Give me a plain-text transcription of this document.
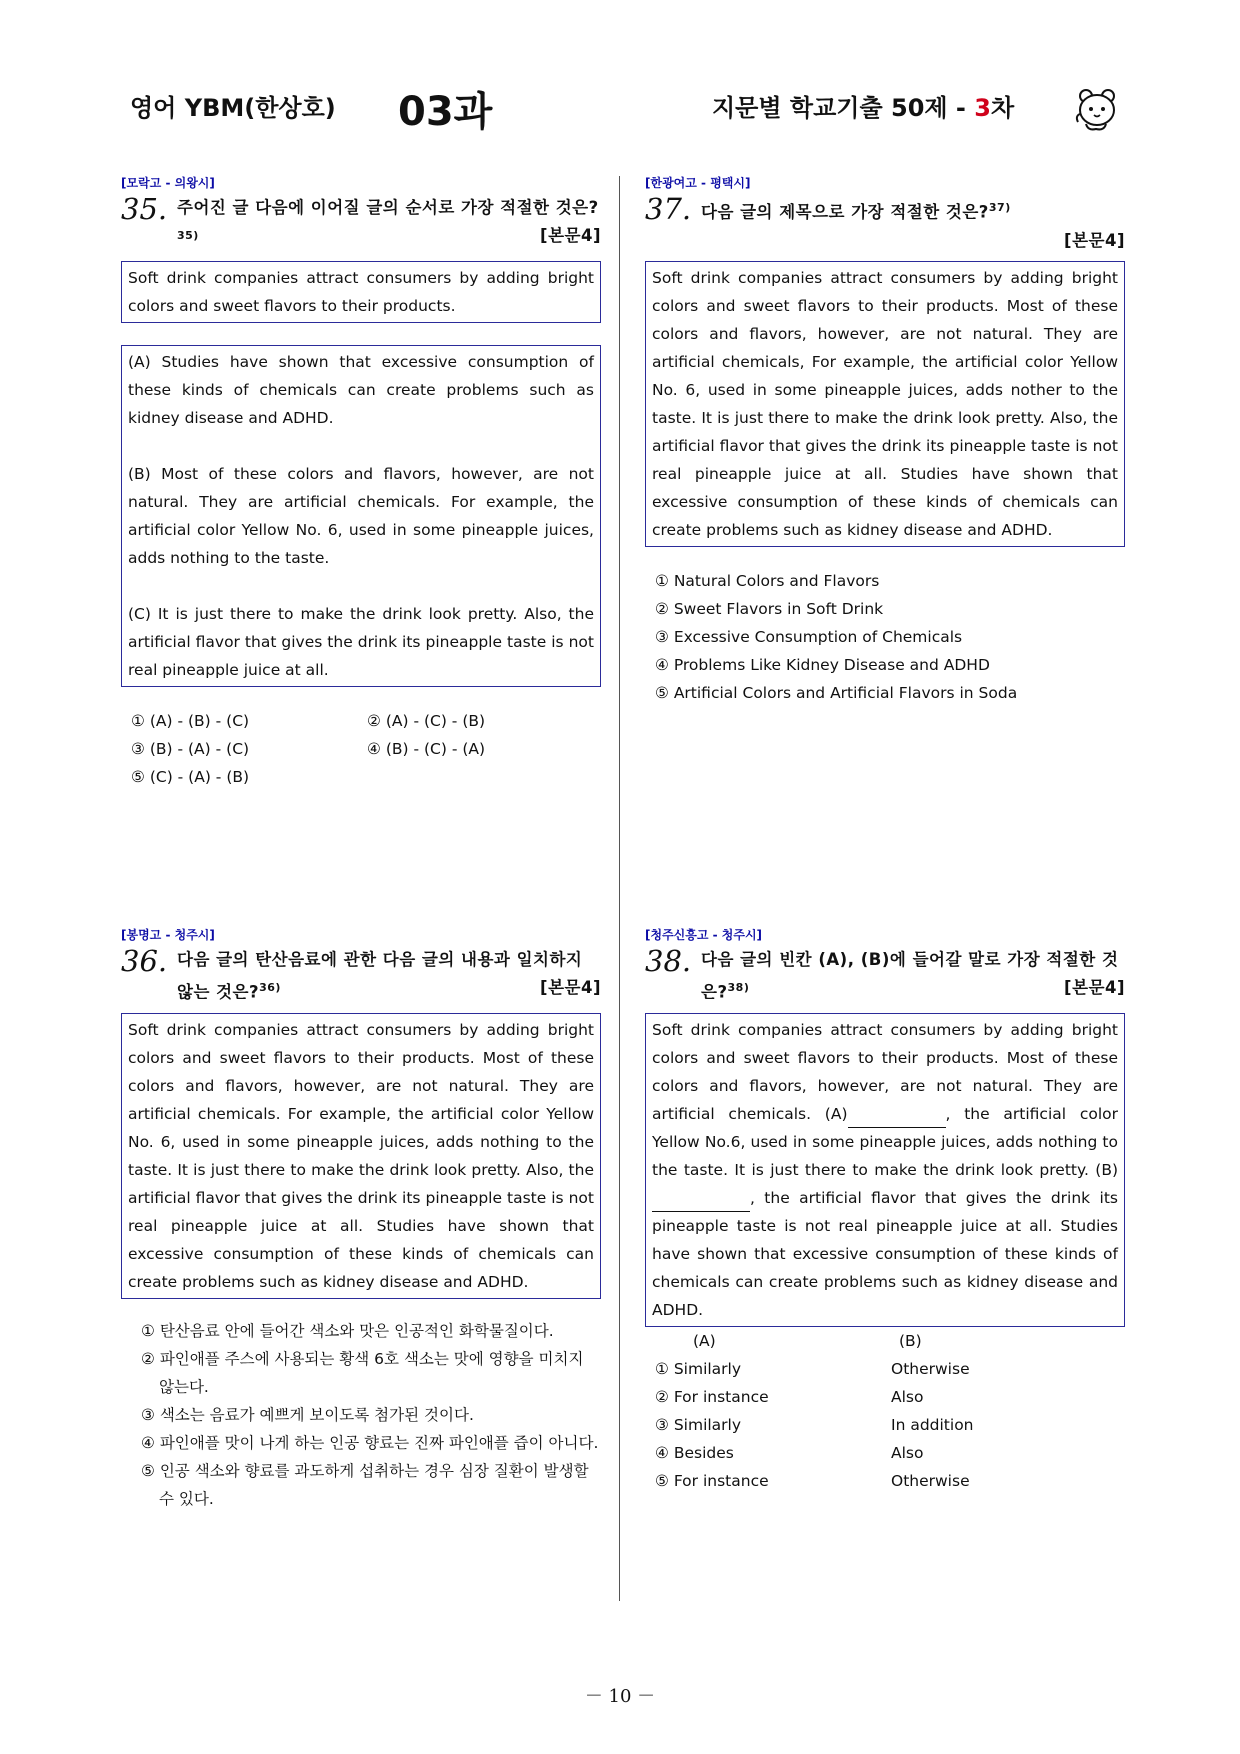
영어 YBM(한상호) 03과	지문별 학교기출 50제 - 3차
[모락고 - 의왕시]
35. 주어진 글 다음에 이어질 글의 순서로 가장 적절한 것은?$^{35)}$	[본문4]

Soft drink companies attract consumers by adding bright colors and sweet flavors to their products.

(A) Studies have shown that excessive consumption of these kinds of chemicals can create problems such as kidney disease and ADHD.

(B) Most of these colors and flavors, however, are not natural. They are artificial chemicals. For example, the artificial color Yellow No. 6, used in some pineapple juices, adds nothing to the taste.

(C) It is just there to make the drink look pretty. Also, the artificial flavor that gives the drink its pineapple taste is not real pineapple juice at all.

① (A) - (B) - (C)	② (A) - (C) - (B)
③ (B) - (A) - (C)	④ (B) - (C) - (A)
⑤ (C) - (A) - (B)
[한광여고 - 평택시]
37. 다음 글의 제목으로 가장 적절한 것은?$^{37)}$

[본문4]

Soft drink companies attract consumers by adding bright colors and sweet flavors to their products. Most of these colors and flavors, however, are not natural. They are artificial chemicals, For example, the artificial color Yellow No. 6, used in some pineapple juices, adds nother to the taste. It is just there to make the drink look pretty. Also, the artificial flavor that gives the drink its pineapple taste is not real pineapple juice at all. Studies have shown that excessive consumption of these kinds of chemicals can create problems such as kidney disease and ADHD.

① Natural Colors and Flavors
② Sweet Flavors in Soft Drink
③ Excessive Consumption of Chemicals
④ Problems Like Kidney Disease and ADHD
⑤ Artificial Colors and Artificial Flavors in Soda
[봉명고 - 청주시]
36. 다음 글의 탄산음료에 관한 다음 글의 내용과 일치하지 않는 것은?$^{36)}$	[본문4]

Soft drink companies attract consumers by adding bright colors and sweet flavors to their products. Most of these colors and flavors, however, are not natural. They are artificial chemicals. For example, the artificial color Yellow No. 6, used in some pineapple juices, adds nothing to the taste. It is just there to make the drink look pretty. Also, the artificial flavor that gives the drink its pineapple taste is not real pineapple juice at all. Studies have shown that excessive consumption of these kinds of chemicals can create problems such as kidney disease and ADHD.

① 탄산음료 안에 들어간 색소와 맛은 인공적인 화학물질이다.
② 파인애플 주스에 사용되는 황색 6호 색소는 맛에 영향을 미치지 않는다.
③ 색소는 음료가 예쁘게 보이도록 첨가된 것이다.
④ 파인애플 맛이 나게 하는 인공 향료는 진짜 파인애플 즙이 아니다.
⑤ 인공 색소와 향료를 과도하게 섭취하는 경우 심장 질환이 발생할 수 있다.
[청주신흥고 - 청주시]
38. 다음 글의 빈칸 (A), (B)에 들어갈 말로 가장 적절한 것은?$^{38)}$	[본문4]

Soft drink companies attract consumers by adding bright colors and sweet flavors to their products. Most of these colors and flavors, however, are not natural. They are artificial chemicals. (A)	, the artificial color Yellow No.6, used in some pineapple juices, adds nothing to the taste. It is just there to make the drink look pretty. (B), the artificial flavor that gives the drink its pineapple taste is not real pineapple juice at all. Studies have shown that excessive consumption of these kinds of chemicals can create problems such as kidney disease and ADHD.

(A)	(B)
① Similarly	Otherwise
② For instance	Also
③ Similarly	In addition
④ Besides	Also
⑤ For instance	Otherwise
－ 10 －
